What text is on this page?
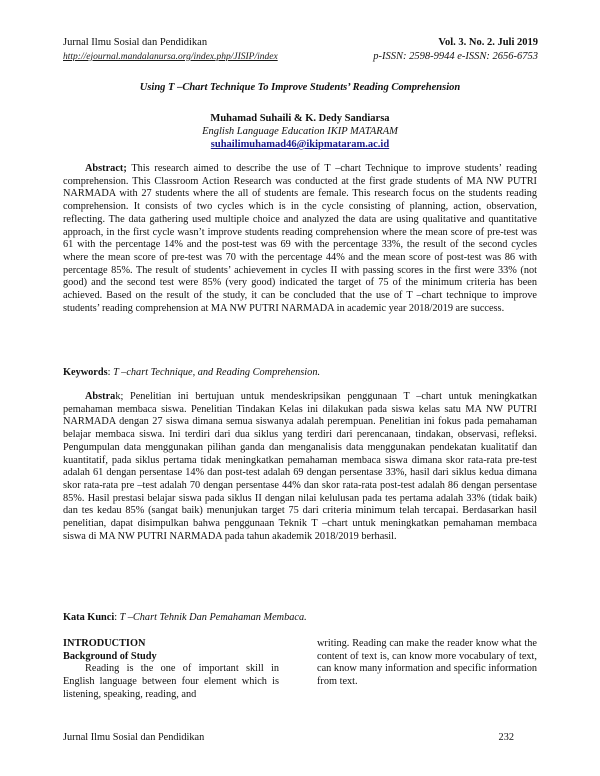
Jurnal Ilmu Sosial dan Pendidikan
http://ejournal.mandalanursa.org/index.php/JISIP/index
Vol. 3. No. 2. Juli 2019
p-ISSN: 2598-9944 e-ISSN: 2656-6753
Using T –Chart Technique To Improve Students’ Reading Comprehension
Muhamad Suhaili & K. Dedy Sandiarsa
English Language Education IKIP MATARAM
suhailimuhamad46@ikipmataram.ac.id

Abstract; This research aimed to describe the use of T –chart Technique to improve students’ reading comprehension. This Classroom Action Research was conducted at the first grade students of MA NW PUTRI NARMADA with 27 students where the all of students are female. This research focus on the students reading comprehension. It consists of two cycles which is in the cycle consisting of planning, action, observation, reflecting. The data gathering used multiple choice and analyzed the data are using qualitative and quantitative approach, in the first cycle wasn’t improve students reading comprehension where the mean score of pre-test was 61 with the percentage 14% and the post-test was 69 with the percentage 33%, the result of the second cycles where the mean score of pre-test was 70 with the percentage 44% and the mean score of post-test was 86 with percentage 85%. The result of students’ achievement in cycles II with passing scores in the first were 33% (not good) and the second test were 85% (very good) indicated the target of 75 of the minimum criteria has been achieved. Based on the result of the study, it can be concluded that the use of T –chart technique to improve students’ reading comprehension at MA NW PUTRI NARMADA in academic year 2018/2019 are success.

Keywords: T –chart Technique, and Reading Comprehension.

Abstrak; Penelitian ini bertujuan untuk mendeskripsikan penggunaan T –chart untuk meningkatkan pemahaman membaca siswa. Penelitian Tindakan Kelas ini dilakukan pada siswa kelas satu MA NW PUTRI NARMADA dengan 27 siswa dimana semua siswanya adalah perempuan. Penelitian ini fokus pada pemahaman belajar membaca siswa. Ini terdiri dari dua siklus yang terdiri dari perencanaan, tindakan, observasi, refleksi. Pengumpulan data menggunakan pilihan ganda dan menganalisis data menggunakan pendekatan kualitatif dan kuantitatif, pada siklus pertama tidak meningkatkan pemahaman membaca siswa dimana skor rata-rata pre-test adalah 61 dengan persentase 14% dan post-test adalah 69 dengan persentase 33%, hasil dari siklus kedua dimana skor rata-rata pre –test adalah 70 dengan persentase 44% dan skor rata-rata post-test adalah 86 dengan persentase 85%. Hasil prestasi belajar siswa pada siklus II dengan nilai kelulusan pada tes pertama adalah 33% (tidak baik) dan tes kedau 85% (sangat baik) menunjukan target 75 dari criteria minimum telah tercapai. Berdasarkan hasil penelitian, dapat disimpulkan bahwa penggunaan Teknik T –chart untuk meningkatkan pemahaman membaca siswa di MA NW PUTRI NARMADA pada tahun akademik 2018/2019 berhasil.

Kata Kunci: T –Chart Tehnik Dan Pemahaman Membaca.

INTRODUCTION
Background of Study

Reading is the one of important skill in English language between four element which is listening, speaking, reading, and

writing. Reading can make the reader know what the content of text is, can know more vocabulary of text, can know many information and specific information from text.

Jurnal Ilmu Sosial dan Pendidikan	232
